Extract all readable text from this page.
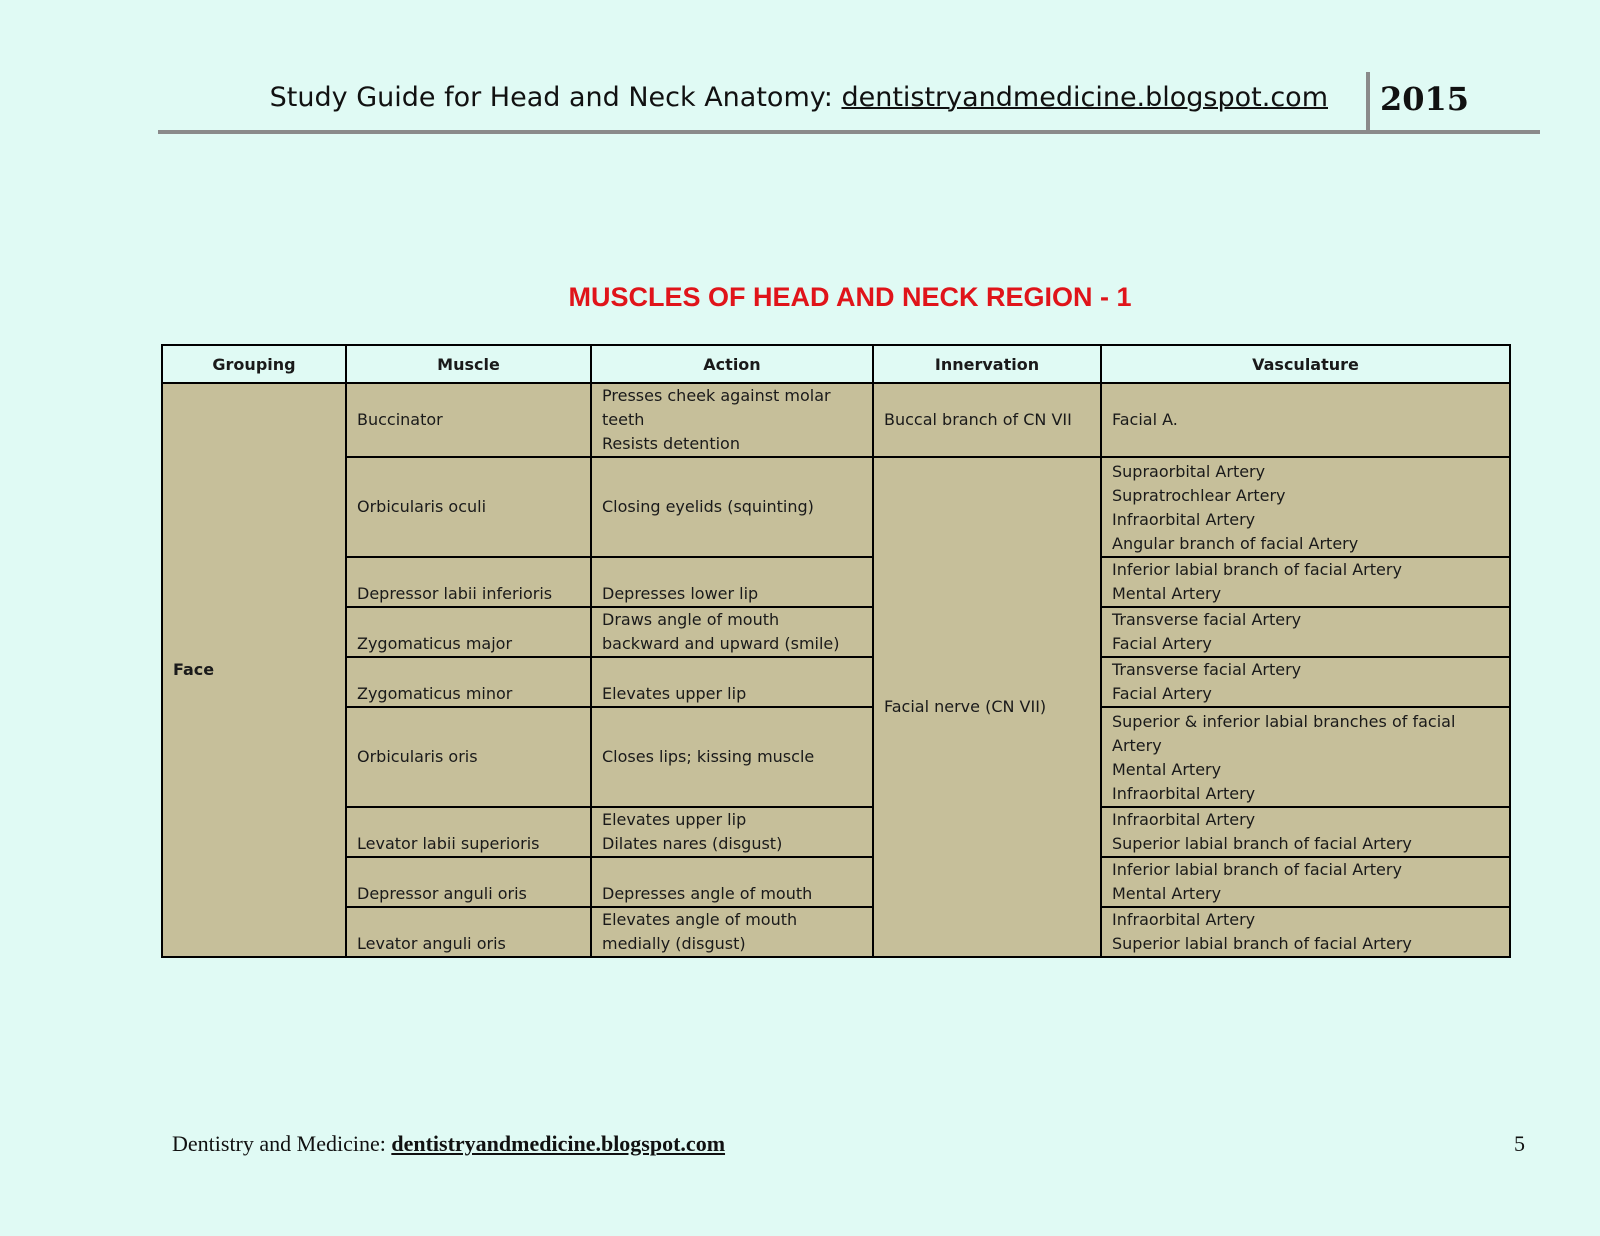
Study Guide for Head and Neck Anatomy: dentistryandmedicine.blogspot.com 2015
MUSCLES OF HEAD AND NECK REGION - 1
Grouping	Muscle	Action	Innervation	Vasculature
Face	Buccinator	Presses cheek against molar
teeth
Resists detention	Buccal branch of CN VII	Facial A.

	Orbicularis oculi	Closing eyelids (squinting)	Facial nerve (CN VII)	Supraorbital Artery
Supratrochlear Artery
Infraorbital Artery
Angular branch of facial Artery

	Depressor labii inferioris	Depresses lower lip		Inferior labial branch of facial Artery
Mental Artery

	Zygomaticus major	Draws angle of mouth
backward and upward (smile)		Transverse facial Artery
Facial Artery

	Zygomaticus minor	Elevates upper lip		Transverse facial Artery
Facial Artery

	Orbicularis oris	Closes lips; kissing muscle		Superior & inferior labial branches of facial
Artery
Mental Artery
Infraorbital Artery

	Levator labii superioris	Elevates upper lip
Dilates nares (disgust)		Infraorbital Artery
Superior labial branch of facial Artery

	Depressor anguli oris	Depresses angle of mouth		Inferior labial branch of facial Artery
Mental Artery

	Levator anguli oris	Elevates angle of mouth
medially (disgust)		Infraorbital Artery
Superior labial branch of facial Artery
Dentistry and Medicine: dentistryandmedicine.blogspot.com	5
